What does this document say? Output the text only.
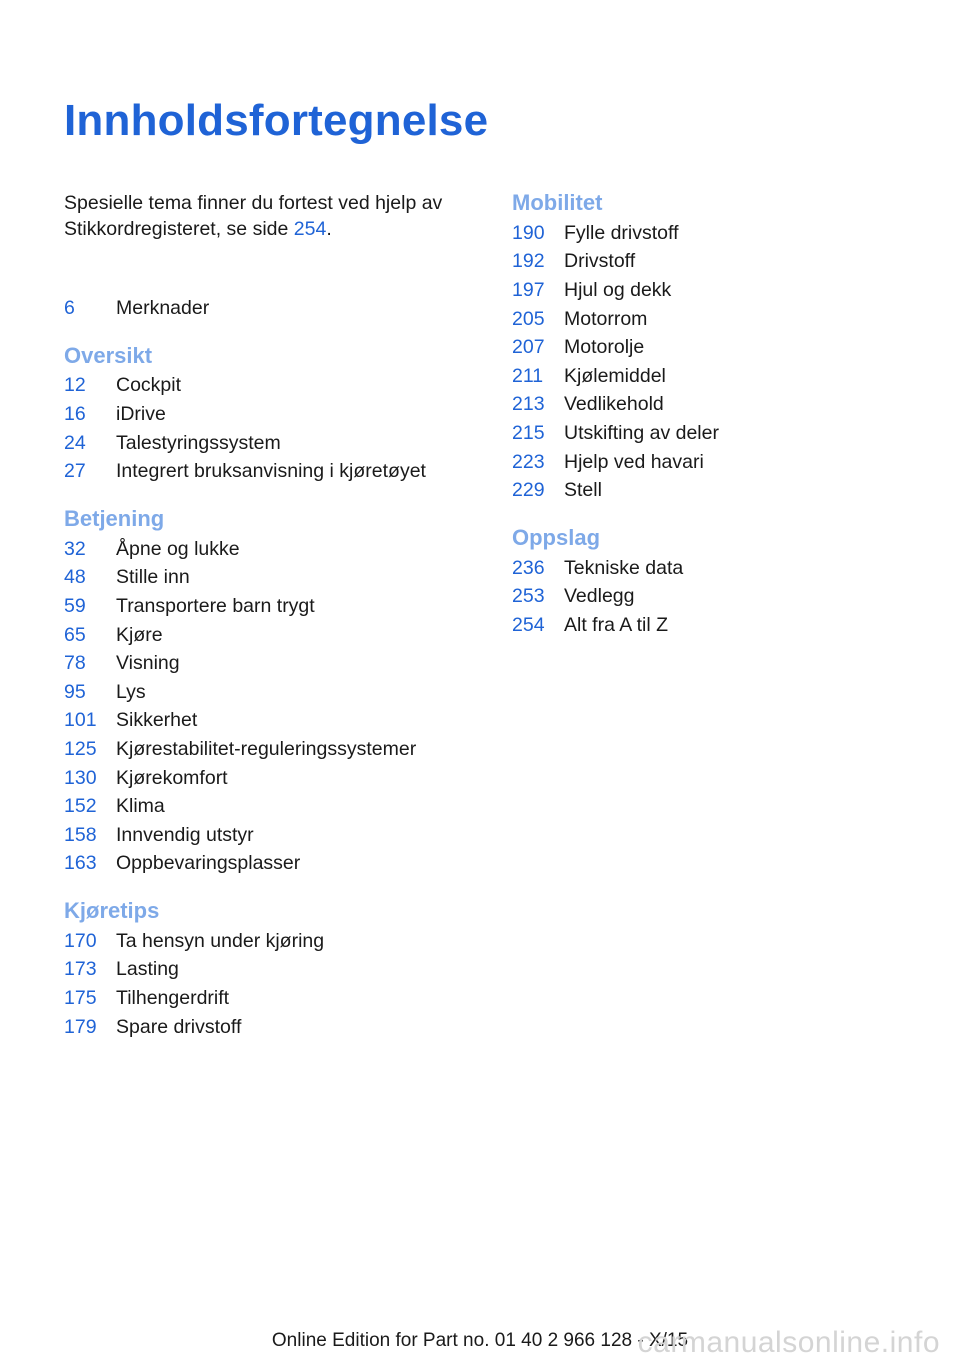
Innholdsfortegnelse
Spesielle tema finner du fortest ved hjelp av Stikkordregisteret, se side 254.
6	Merknader
Oversikt
12	Cockpit
16	iDrive
24	Talestyringssystem
27	Integrert bruksanvisning i kjøretøyet
Betjening
32	Åpne og lukke
48	Stille inn
59	Transportere barn trygt
65	Kjøre
78	Visning
95	Lys
101 Sikkerhet
125 Kjørestabilitet-reguleringssystemer
130 Kjørekomfort
152 Klima
158 Innvendig utstyr
163 Oppbevaringsplasser
Kjøretips
170 Ta hensyn under kjøring
173 Lasting
175 Tilhengerdrift
179 Spare drivstoff
Mobilitet
190 Fylle drivstoff
192 Drivstoff
197 Hjul og dekk
205 Motorrom
207 Motorolje
211	Kjølemiddel
213 Vedlikehold
215 Utskifting av deler
223 Hjelp ved havari
229 Stell
Oppslag
236 Tekniske data
253 Vedlegg
254 Alt fra A til Z
Online Edition for Part no. 01 40 2 966 128 - X/15
carmanualsonline.info
